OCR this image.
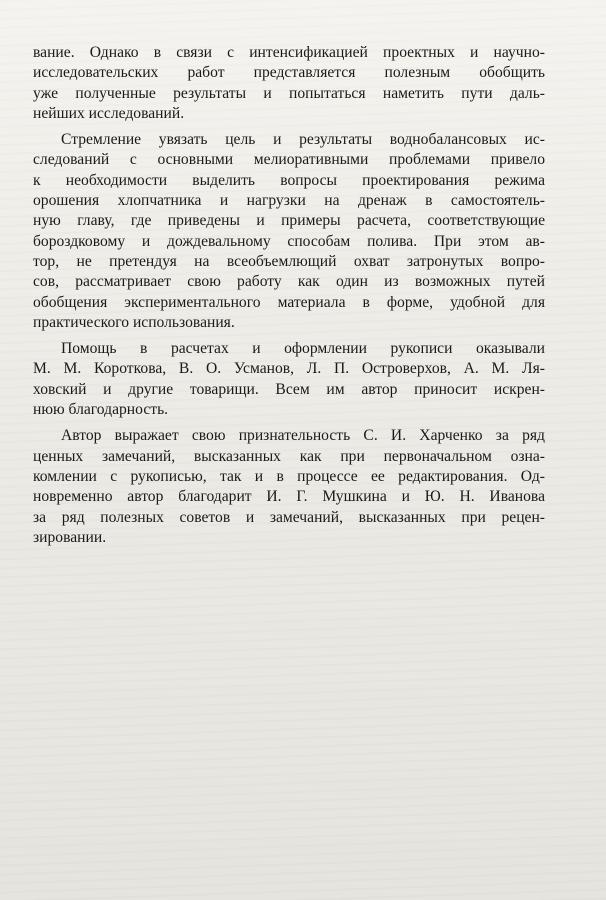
вание. Однако в связи с интенсификацией проектных и научно-
исследовательских работ представляется полезным обобщить
уже полученные результаты и попытаться наметить пути даль-
нейших исследований.
Стремление увязать цель и результаты воднобалансовых ис-
следований с основными мелиоративными проблемами привело
к необходимости выделить вопросы проектирования режима
орошения хлопчатника и нагрузки на дренаж в самостоятель-
ную главу, где приведены и примеры расчета, соответствующие
бороздковому и дождевальному способам полива. При этом ав-
тор, не претендуя на всеобъемлющий охват затронутых вопро-
сов, рассматривает свою работу как один из возможных путей
обобщения экспериментального материала в форме, удобной для
практического использования.
Помощь в расчетах и оформлении рукописи оказывали
М. М. Короткова, В. О. Усманов, Л. П. Островерхов, А. М. Ля-
ховский и другие товарищи. Всем им автор приносит искрен-
нюю благодарность.
Автор выражает свою признательность С. И. Харченко за ряд
ценных замечаний, высказанных как при первоначальном озна-
комлении с рукописью, так и в процессе ее редактирования. Од-
новременно автор благодарит И. Г. Мушкина и Ю. Н. Иванова
за ряд полезных советов и замечаний, высказанных при рецен-
зировании.
